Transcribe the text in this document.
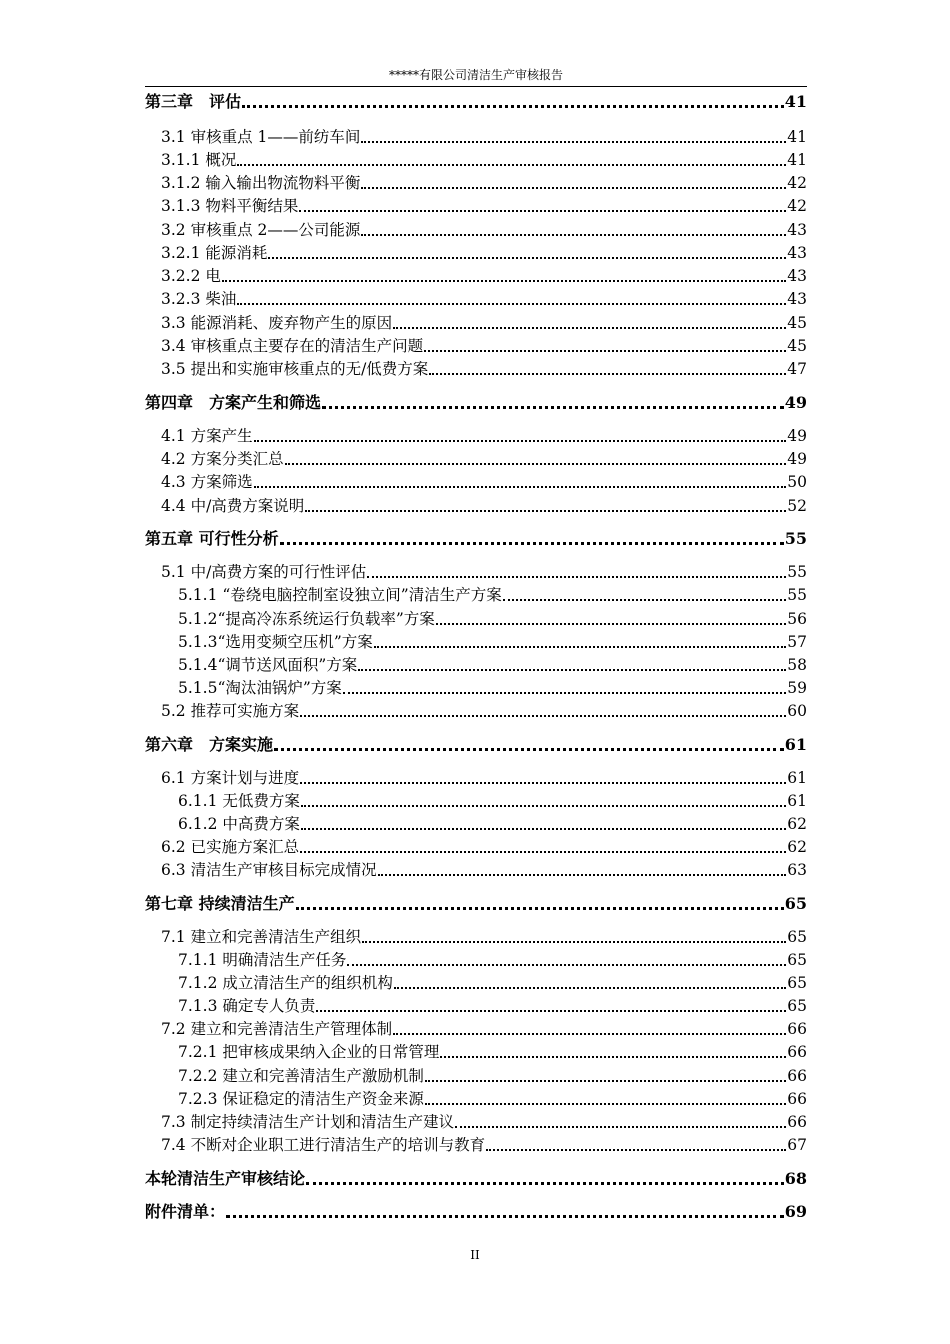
*****有限公司清洁生产审核报告
第三章　评估	41
3.1 审核重点 1——前纺车间	41
3.1.1 概况	41
3.1.2 输入输出物流物料平衡	42
3.1.3 物料平衡结果	42
3.2 审核重点 2——公司能源	43
3.2.1 能源消耗	43
3.2.2 电	43
3.2.3 柴油	43
3.3 能源消耗、废弃物产生的原因	45
3.4 审核重点主要存在的清洁生产问题	45
3.5 提出和实施审核重点的无/低费方案	47
第四章　方案产生和筛选	49
4.1 方案产生	49
4.2 方案分类汇总	49
4.3 方案筛选	50
4.4 中/高费方案说明	52
第五章 可行性分析	55
5.1 中/高费方案的可行性评估	55
5.1.1 “卷绕电脑控制室设独立间”清洁生产方案	55
5.1.2“提高冷冻系统运行负载率”方案	56
5.1.3“选用变频空压机”方案	57
5.1.4“调节送风面积”方案	58
5.1.5“淘汰油锅炉”方案	59
5.2 推荐可实施方案	60
第六章　方案实施	61
6.1 方案计划与进度	61
6.1.1 无低费方案	61
6.1.2 中高费方案	62
6.2 已实施方案汇总	62
6.3 清洁生产审核目标完成情况	63
第七章 持续清洁生产	65
7.1 建立和完善清洁生产组织	65
7.1.1 明确清洁生产任务	65
7.1.2 成立清洁生产的组织机构	65
7.1.3 确定专人负责	65
7.2 建立和完善清洁生产管理体制	66
7.2.1 把审核成果纳入企业的日常管理	66
7.2.2 建立和完善清洁生产激励机制	66
7.2.3 保证稳定的清洁生产资金来源	66
7.3 制定持续清洁生产计划和清洁生产建议	66
7.4 不断对企业职工进行清洁生产的培训与教育	67
本轮清洁生产审核结论	68
附件清单：	69
II
